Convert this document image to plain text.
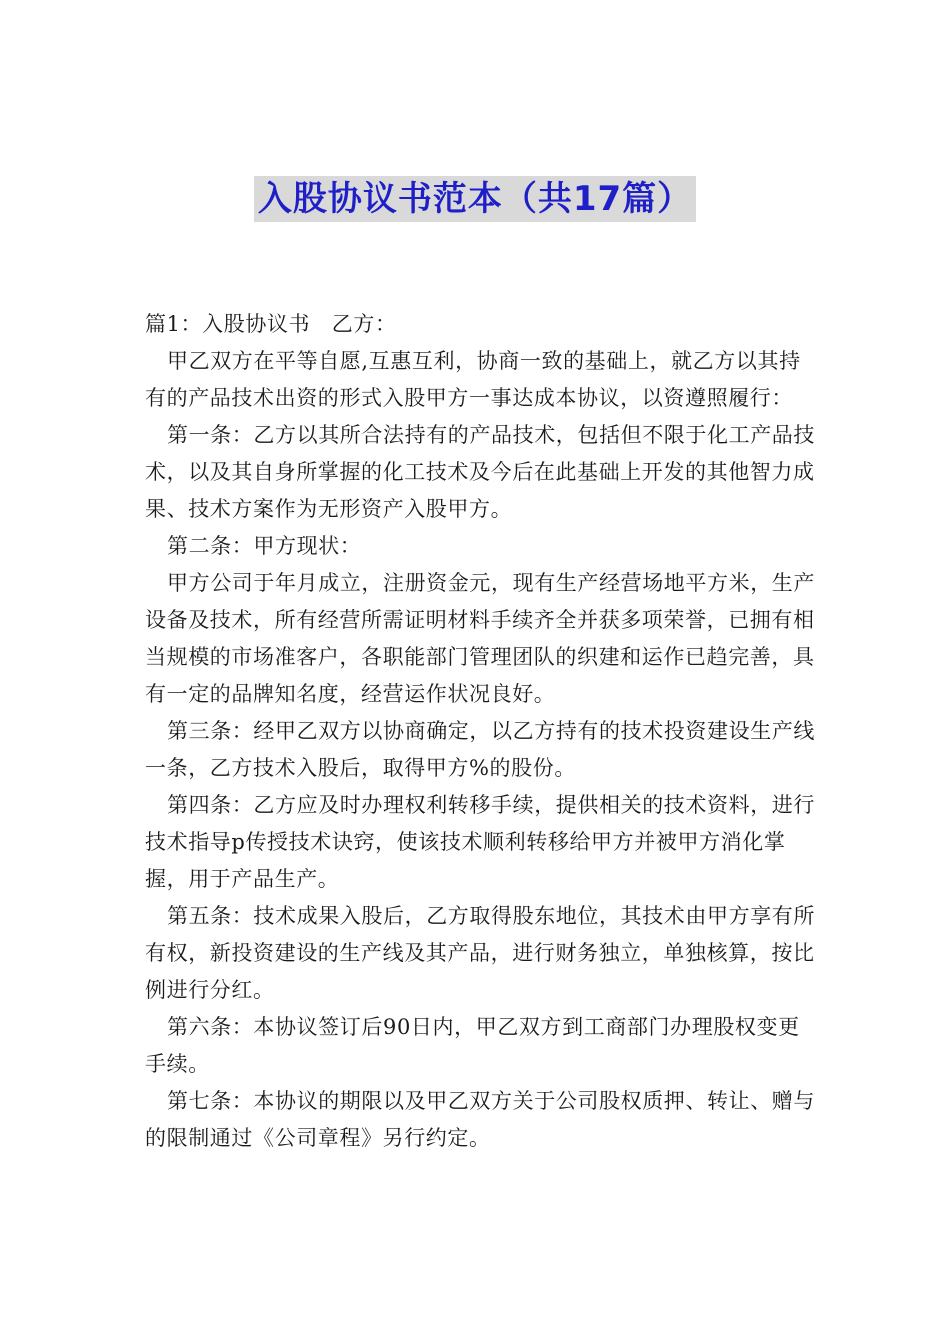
入股协议书范本（共17篇）

篇1：入股协议书　乙方：

甲乙双方在平等自愿,互惠互利，协商一致的基础上，就乙方以其持有的产品技术出资的形式入股甲方一事达成本协议，以资遵照履行：

第一条：乙方以其所合法持有的产品技术，包括但不限于化工产品技术，以及其自身所掌握的化工技术及今后在此基础上开发的其他智力成果、技术方案作为无形资产入股甲方。

第二条：甲方现状：

甲方公司于年月成立，注册资金元，现有生产经营场地平方米，生产设备及技术，所有经营所需证明材料手续齐全并获多项荣誉，已拥有相当规模的市场准客户，各职能部门管理团队的织建和运作已趋完善，具有一定的品牌知名度，经营运作状况良好。

第三条：经甲乙双方以协商确定，以乙方持有的技术投资建设生产线一条，乙方技术入股后，取得甲方%的股份。

第四条：乙方应及时办理权利转移手续，提供相关的技术资料，进行技术指导p传授技术诀窍，使该技术顺利转移给甲方并被甲方消化掌握，用于产品生产。

第五条：技术成果入股后，乙方取得股东地位，其技术由甲方享有所有权，新投资建设的生产线及其产品，进行财务独立，单独核算，按比例进行分红。

第六条：本协议签订后90日内，甲乙双方到工商部门办理股权变更手续。

第七条：本协议的期限以及甲乙双方关于公司股权质押、转让、赠与的限制通过《公司章程》另行约定。
